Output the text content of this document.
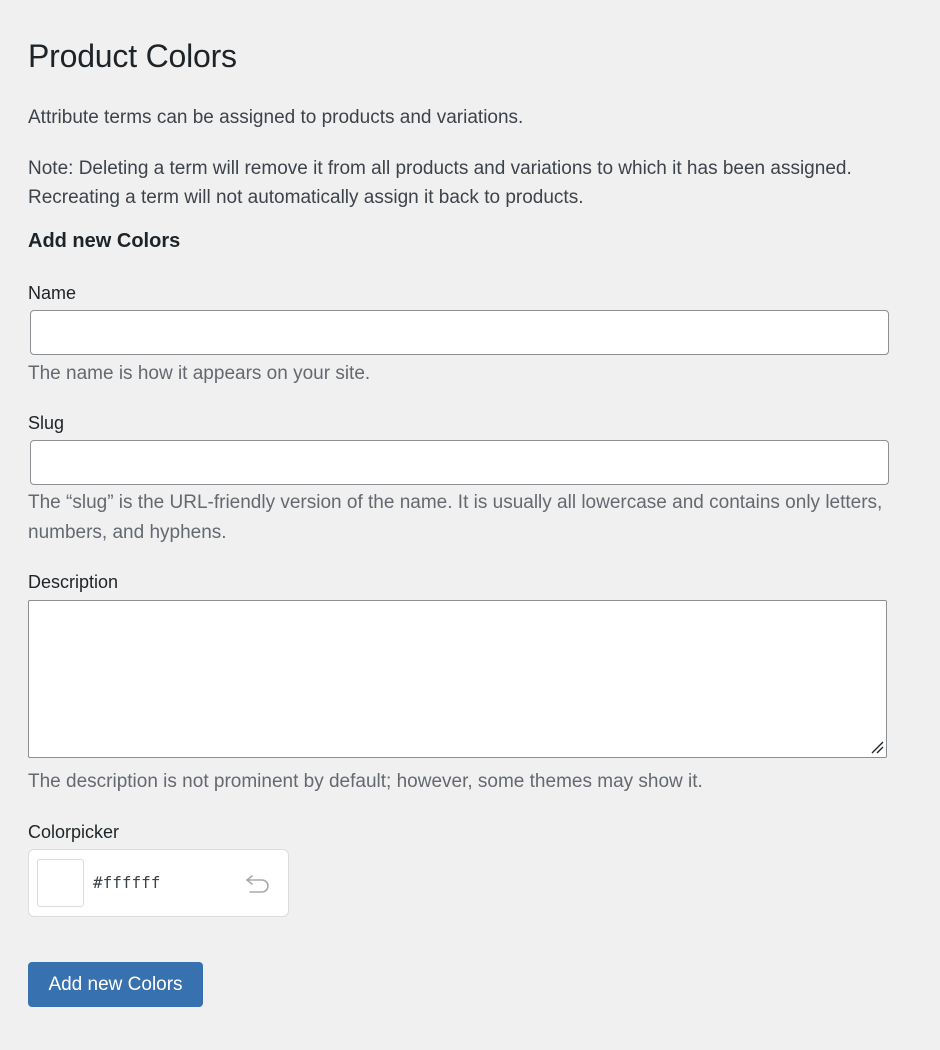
Product Colors

Attribute terms can be assigned to products and variations.

Note: Deleting a term will remove it from all products and variations to which it has been assigned. Recreating a term will not automatically assign it back to products.

Add new Colors
Name

The name is how it appears on your site.

Slug

The “slug” is the URL-friendly version of the name. It is usually all lowercase and contains only letters, numbers, and hyphens.

Description

The description is not prominent by default; however, some themes may show it.

Colorpicker
#ffffff
Add new Colors
